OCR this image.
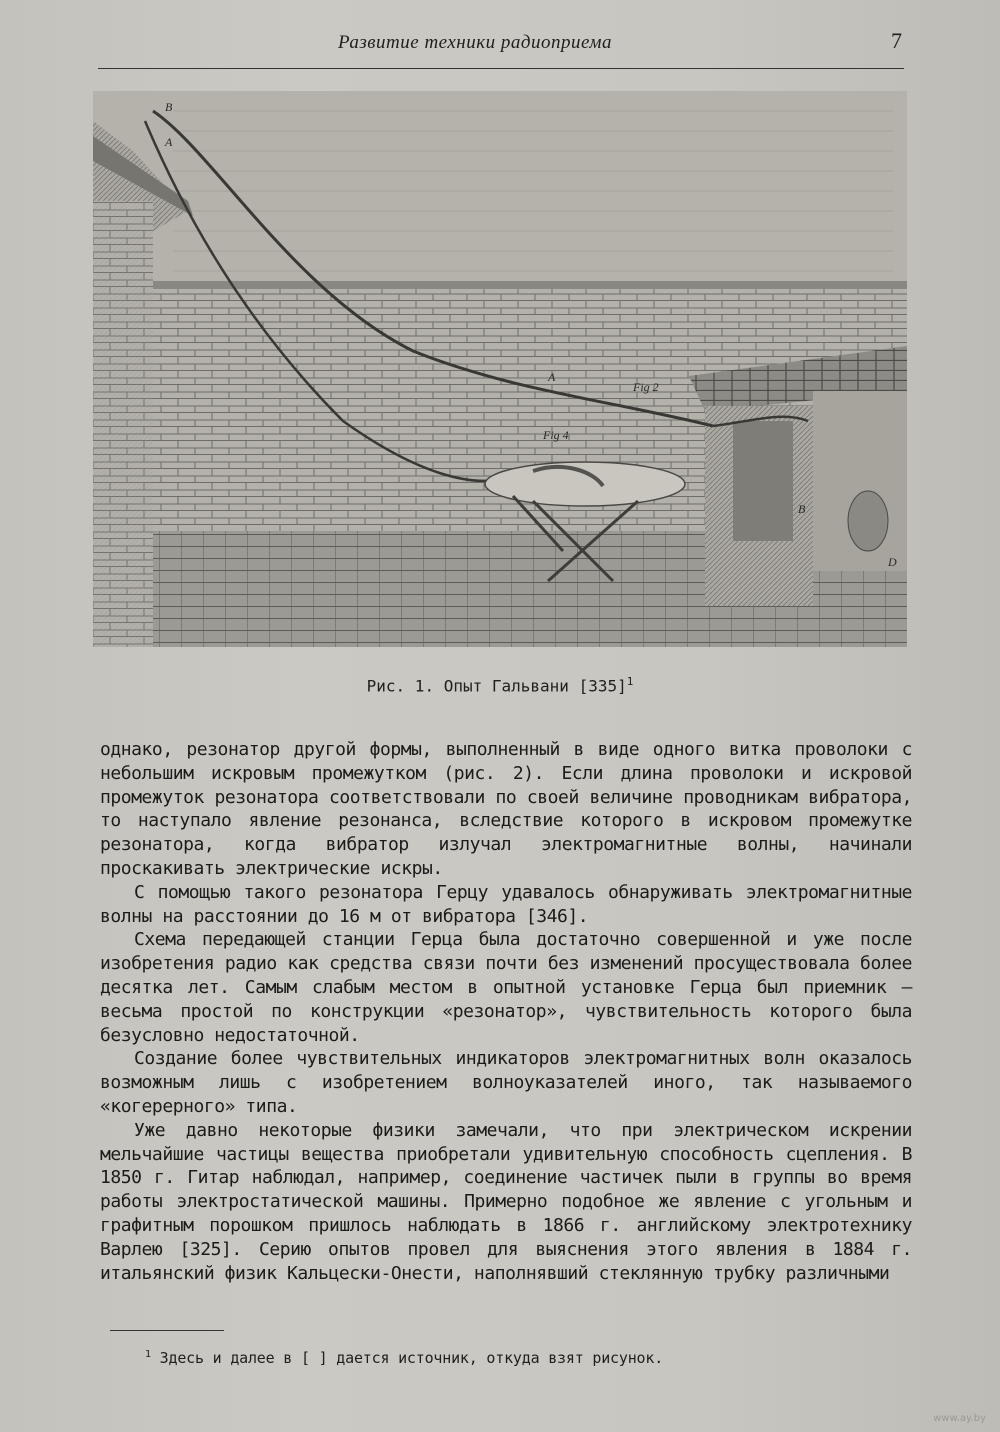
Развитие техники радиоприема	7
B
A
A
Fig 2
Fig 4
B
D
Рис. 1. Опыт Гальвани $[335]^1$

однако, резонатор другой формы, выполненный в виде одного витка проволоки с небольшим искровым промежутком (рис. 2). Если длина проволоки и искровой промежуток резонатора соответствовали по своей величине проводникам вибратора, то наступало явление резонанса, вследствие которого в искровом промежутке резонатора, когда вибратор излучал электромагнитные волны, начинали проскакивать электрические искры.

С помощью такого резонатора Герцу удавалось обнаруживать электромагнитные волны на расстоянии до 16 м от вибратора [346].

Схема передающей станции Герца была достаточно совершенной и уже после изобретения радио как средства связи почти без изменений просуществовала более десятка лет. Самым слабым местом в опытной установке Герца был приемник — весьма простой по конструкции «резонатор», чувствительность которого была безусловно недостаточной.

Создание более чувствительных индикаторов электромагнитных волн оказалось возможным лишь с изобретением волноуказателей иного, так называемого «когерерного» типа.

Уже давно некоторые физики замечали, что при электрическом искрении мельчайшие частицы вещества приобретали удивительную способность сцепления. В 1850 г. Гитар наблюдал, например, соединение частичек пыли в группы во время работы электростатической машины. Примерно подобное же явление с угольным и графитным порошком пришлось наблюдать в 1866 г. английскому электротехнику Варлею [325]. Серию опытов провел для выяснения этого явления в 1884 г. итальянский физик Кальцески-Онести, наполнявший стеклянную трубку различными

$^1$ Здесь и далее в [ ] дается источник, откуда взят рисунок.
www.ay.by
